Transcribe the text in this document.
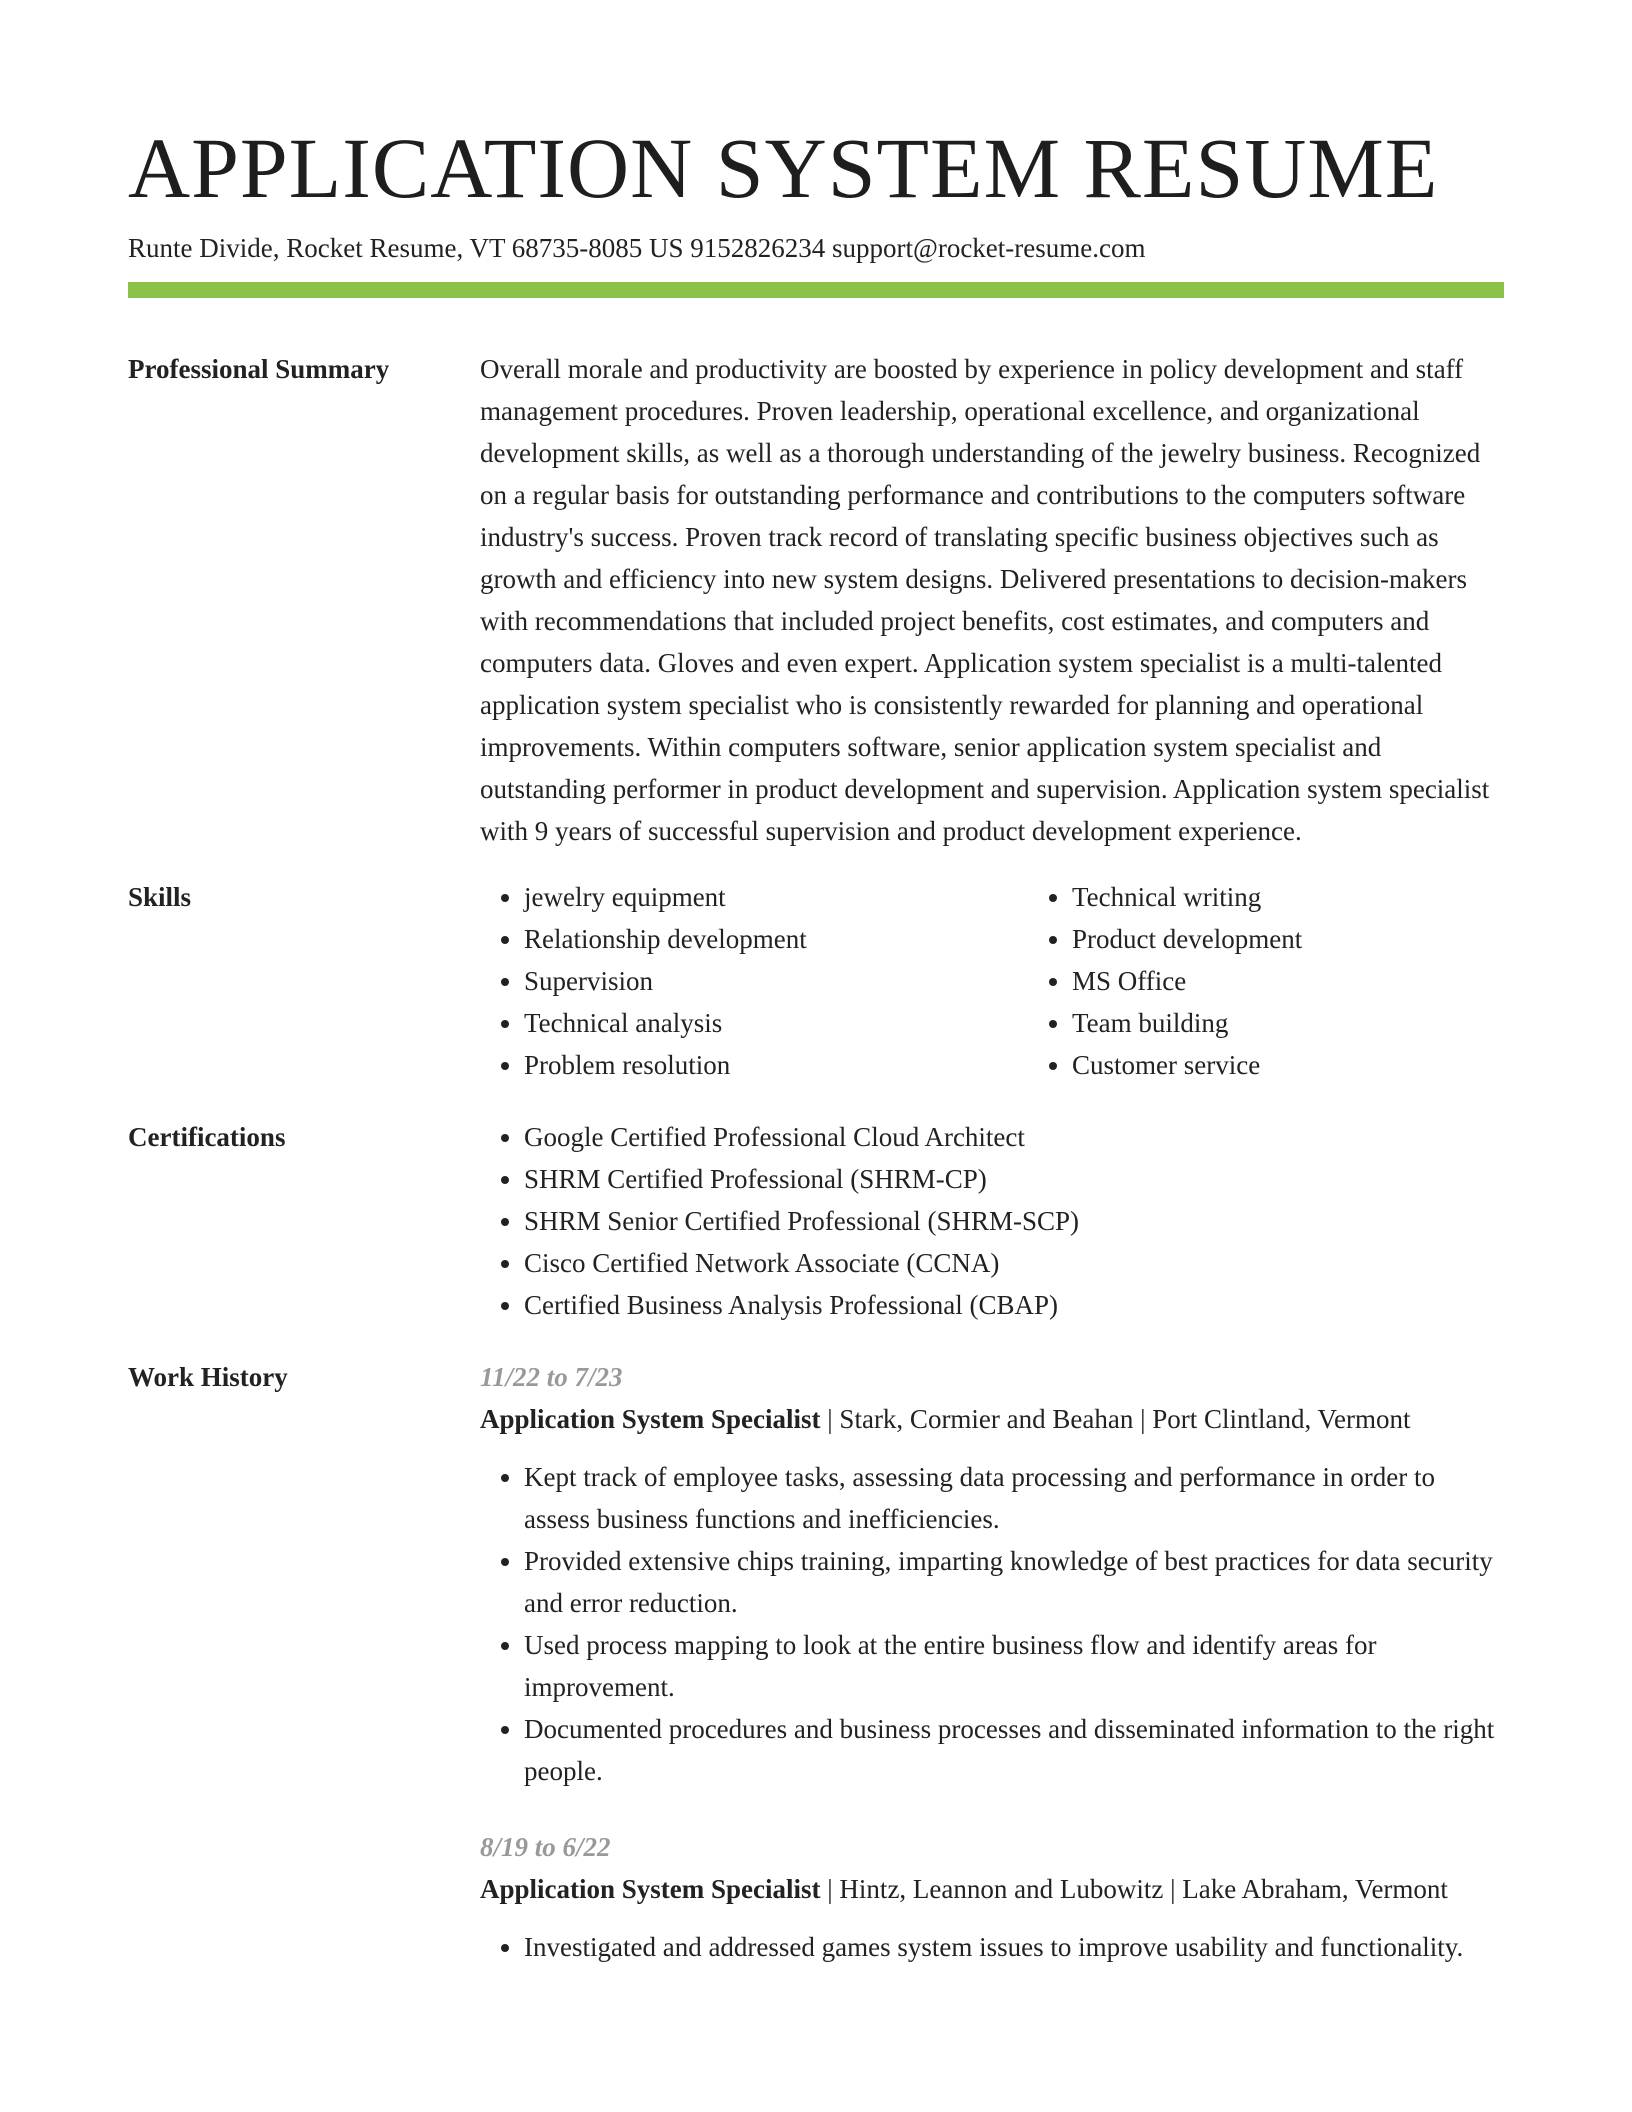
APPLICATION SYSTEM RESUME
Runte Divide, Rocket Resume, VT 68735-8085 US 9152826234 support@rocket-resume.com
Professional Summary	Overall morale and productivity are boosted by experience in policy development and staff management procedures. Proven leadership, operational excellence, and organizational development skills, as well as a thorough understanding of the jewelry business. Recognized on a regular basis for outstanding performance and contributions to the computers software industry's success. Proven track record of translating specific business objectives such as growth and efficiency into new system designs. Delivered presentations to decision-makers with recommendations that included project benefits, cost estimates, and computers and computers data. Gloves and even expert. Application system specialist is a multi-talented application system specialist who is consistently rewarded for planning and operational improvements. Within computers software, senior application system specialist and outstanding performer in product development and supervision. Application system specialist with 9 years of successful supervision and product development experience.

Skills	• jewelry equipment
• Relationship development
• Supervision
• Technical analysis
• Problem resolution
• Technical writing
• Product development
• MS Office
• Team building
• Customer service
Certifications	• Google Certified Professional Cloud Architect
• SHRM Certified Professional (SHRM-CP)
• SHRM Senior Certified Professional (SHRM-SCP)
• Cisco Certified Network Associate (CCNA)
• Certified Business Analysis Professional (CBAP)
Work History	11/22 to 7/23
Application System Specialist | Stark, Cormier and Beahan | Port Clintland, Vermont
• Kept track of employee tasks, assessing data processing and performance in order to assess business functions and inefficiencies.
• Provided extensive chips training, imparting knowledge of best practices for data security and error reduction.
• Used process mapping to look at the entire business flow and identify areas for improvement.
• Documented procedures and business processes and disseminated information to the right people.
8/19 to 6/22
Application System Specialist | Hintz, Leannon and Lubowitz | Lake Abraham, Vermont
• Investigated and addressed games system issues to improve usability and functionality.
